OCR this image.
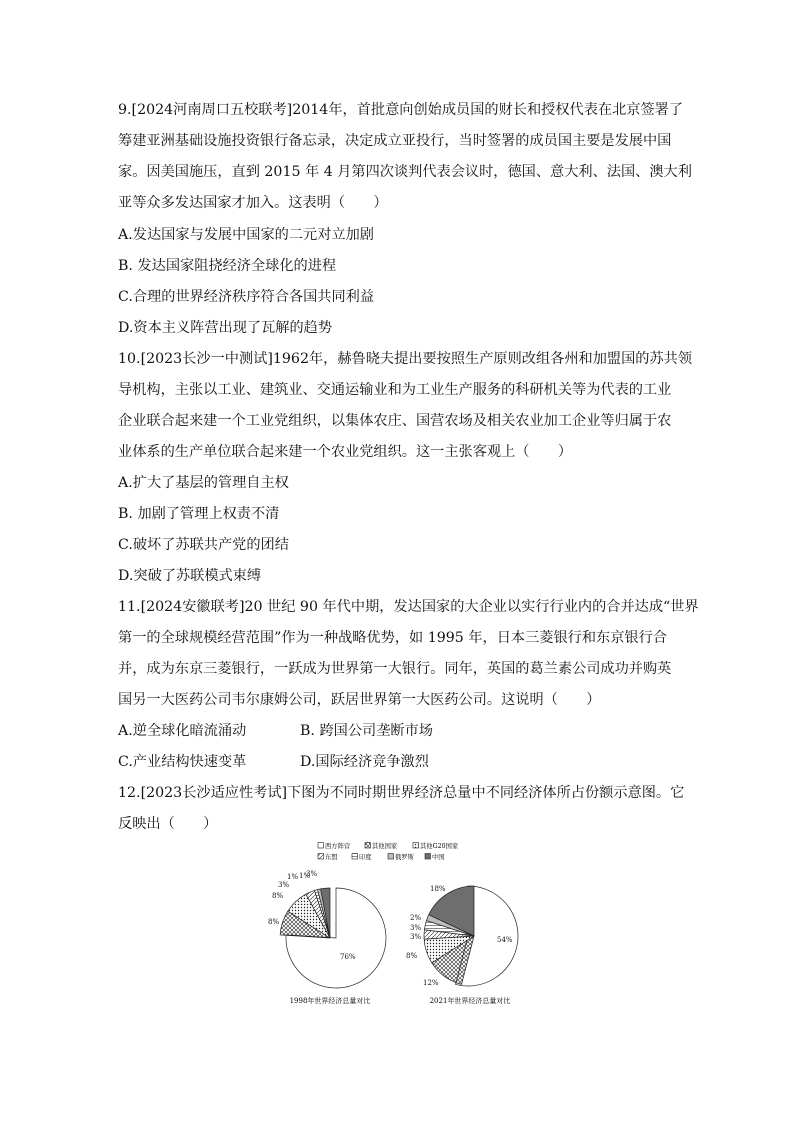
9.[2024河南周口五校联考]2014年，首批意向创始成员国的财长和授权代表在北京签署了
筹建亚洲基础设施投资银行备忘录，决定成立亚投行，当时签署的成员国主要是发展中国
家。因美国施压，直到 2015 年 4 月第四次谈判代表会议时，德国、意大利、法国、澳大利
亚等众多发达国家才加入。这表明（　　）
A.发达国家与发展中国家的二元对立加剧
B. 发达国家阻挠经济全球化的进程
C.合理的世界经济秩序符合各国共同利益
D.资本主义阵营出现了瓦解的趋势
10.[2023长沙一中测试]1962年，赫鲁晓夫提出要按照生产原则改组各州和加盟国的苏共领
导机构，主张以工业、建筑业、交通运输业和为工业生产服务的科研机关等为代表的工业
企业联合起来建一个工业党组织，以集体农庄、国营农场及相关农业加工企业等归属于农
业体系的生产单位联合起来建一个农业党组织。这一主张客观上（　　）
A.扩大了基层的管理自主权
B. 加剧了管理上权责不清
C.破坏了苏联共产党的团结
D.突破了苏联模式束缚
11.[2024安徽联考]20 世纪 90 年代中期，发达国家的大企业以实行行业内的合并达成“世界
第一的全球规模经营范围”作为一种战略优势，如 1995 年，日本三菱银行和东京银行合
并，成为东京三菱银行，一跃成为世界第一大银行。同年，英国的葛兰素公司成功并购英
国另一大医药公司韦尔康姆公司，跃居世界第一大医药公司。这说明（　　）
A.逆全球化暗流涌动	B. 跨国公司垄断市场
C.产业结构快速变革	D.国际经济竞争激烈
12.[2023长沙适应性考试]下图为不同时期世界经济总量中不同经济体所占份额示意图。它
反映出（　　）
西方阵营	其他国家	其他G20国家
东盟	印度	俄罗斯	中国
76%
8%
8%
3%
1% 1%
3%
54%
12%
8%
3%
3%
2%
18%
1998年世界经济总量对比	2021年世界经济总量对比
